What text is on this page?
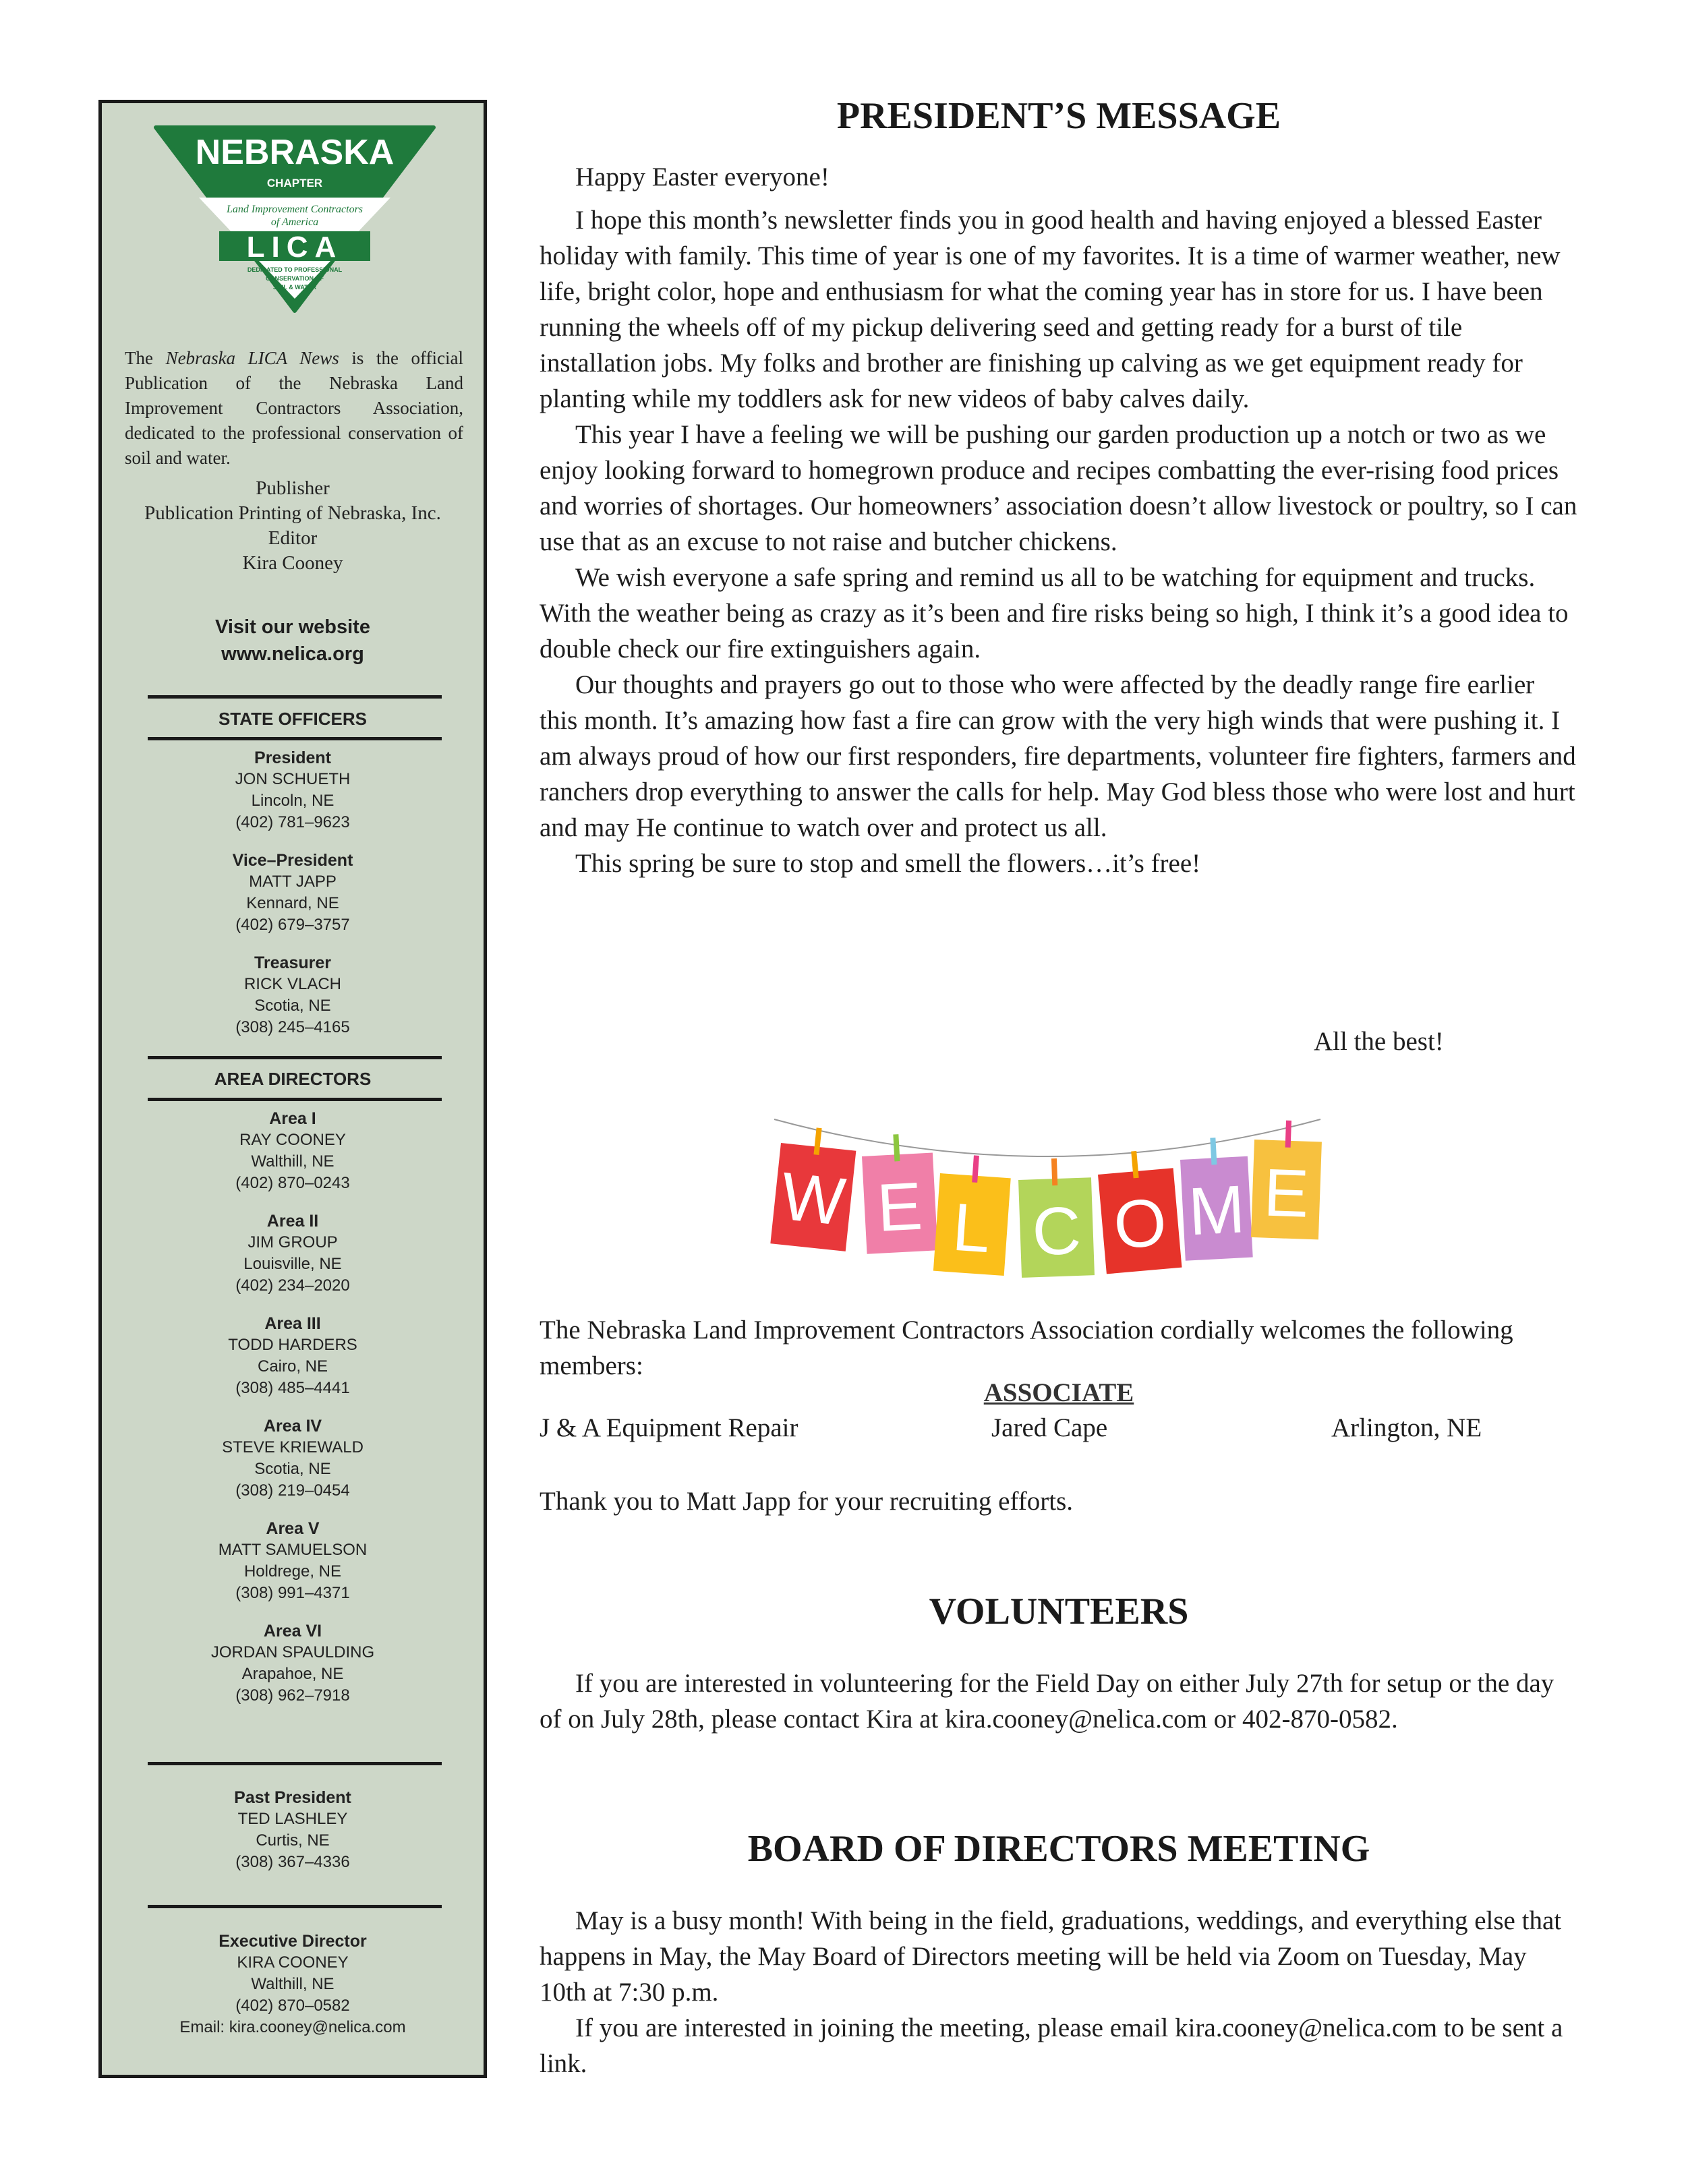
NEBRASKA
CHAPTER
Land Improvement Contractors
of America
LICA
DEDICATED TO PROFESSIONAL
CONSERVATION OF
SOIL & WATER
The Nebraska LICA News is the official Publication of the Nebraska Land Improvement Contractors Association, dedicated to the professional conservation of soil and water.
Publisher
Publication Printing of Nebraska, Inc.
Editor
Kira Cooney
Visit our website
www.nelica.org
STATE OFFICERS
President
JON SCHUETH
Lincoln, NE
(402) 781–9623
Vice–President
MATT JAPP
Kennard, NE
(402) 679–3757
Treasurer
RICK VLACH
Scotia, NE
(308) 245–4165
AREA DIRECTORS
Area I
RAY COONEY
Walthill, NE
(402) 870–0243
Area II
JIM GROUP
Louisville, NE
(402) 234–2020
Area III
TODD HARDERS
Cairo, NE
(308) 485–4441
Area IV
STEVE KRIEWALD
Scotia, NE
(308) 219–0454
Area V
MATT SAMUELSON
Holdrege, NE
(308) 991–4371
Area VI
JORDAN SPAULDING
Arapahoe, NE
(308) 962–7918
Past President
TED LASHLEY
Curtis, NE
(308) 367–4336
Executive Director
KIRA COONEY
Walthill, NE
(402) 870–0582
Email: kira.cooney@nelica.com
PRESIDENT’S MESSAGE

Happy Easter everyone!

I hope this month’s newsletter finds you in good health and having enjoyed a blessed Easter holiday with family. This time of year is one of my favorites. It is a time of warmer weather, new life, bright color, hope and enthusiasm for what the coming year has in store for us. I have been running the wheels off of my pickup delivering seed and getting ready for a burst of tile installation jobs. My folks and brother are finishing up calving as we get equipment ready for planting while my toddlers ask for new videos of baby calves daily.
This year I have a feeling we will be pushing our garden production up a notch or two as we enjoy looking forward to homegrown produce and recipes combatting the ever-rising food prices and worries of shortages. Our homeowners’ association doesn’t allow livestock or poultry, so I can use that as an excuse to not raise and butcher chickens.
We wish everyone a safe spring and remind us all to be watching for equipment and trucks. With the weather being as crazy as it’s been and fire risks being so high, I think it’s a good idea to double check our fire extinguishers again.
Our thoughts and prayers go out to those who were affected by the deadly range fire earlier this month. It’s amazing how fast a fire can grow with the very high winds that were pushing it. I am always proud of how our first responders, fire departments, volunteer fire fighters, farmers and ranchers drop everything to answer the calls for help. May God bless those who were lost and hurt and may He continue to watch over and protect us all.
This spring be sure to stop and smell the flowers…it’s free!
All the best!
W E L C O M E

The Nebraska Land Improvement Contractors Association cordially welcomes the following members:

ASSOCIATE
J & A Equipment Repair	Jared Cape	Arlington, NE

Thank you to Matt Japp for your recruiting efforts.

VOLUNTEERS

If you are interested in volunteering for the Field Day on either July 27th for setup or the day of on July 28th, please contact Kira at kira.cooney@nelica.com or 402-870-0582.

BOARD OF DIRECTORS MEETING
May is a busy month! With being in the field, graduations, weddings, and everything else that happens in May, the May Board of Directors meeting will be held via Zoom on Tuesday, May 10th at 7:30 p.m.
If you are interested in joining the meeting, please email kira.cooney@nelica.com to be sent a link.
